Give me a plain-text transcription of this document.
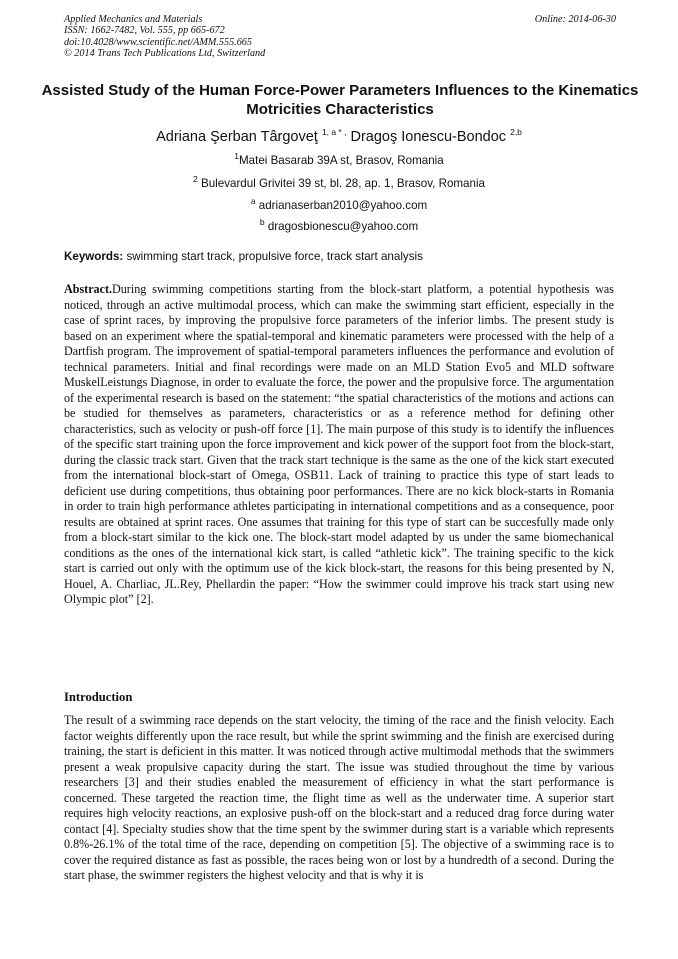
Applied Mechanics and Materials
ISSN: 1662-7482, Vol. 555, pp 665-672
doi:10.4028/www.scientific.net/AMM.555.665
© 2014 Trans Tech Publications Ltd, Switzerland
Online: 2014-06-30
Assisted Study of the Human Force-Power Parameters Influences to the Kinematics Motricities Characteristics
Adriana Şerban Târgoveţ $^{1, a * ,}$ Dragoş Ionescu-Bondoc $^{2,b}$
$^1$Matei Basarab 39A st, Brasov, Romania
$^2$ Bulevardul Grivitei 39 st, bl. 28, ap. 1, Brasov, Romania
$^a$ adrianaserban2010@yahoo.com
$^b$ dragosbionescu@yahoo.com
Keywords: swimming start track, propulsive force, track start analysis
Abstract.During swimming competitions starting from the block-start platform, a potential hypothesis was noticed, through an active multimodal process, which can make the swimming start efficient, especially in the case of sprint races, by improving the propulsive force parameters of the inferior limbs. The present study is based on an experiment where the spatial-temporal and kinematic parameters were processed with the help of a Dartfish program. The improvement of spatial-temporal parameters influences the performance and evolution of technical parameters. Initial and final recordings were made on an MLD Station Evo5 and MLD software MuskelLeistungs Diagnose, in order to evaluate the force, the power and the propulsive force. The argumentation of the experimental research is based on the statement: “the spatial characteristics of the motions and actions can be studied for themselves as parameters, characteristics or as a reference method for defining other characteristics, such as velocity or push-off force [1]. The main purpose of this study is to identify the influences of the specific start training upon the force improvement and kick power of the support foot from the block-start, during the classic track start. Given that the track start technique is the same as the one of the kick start executed from the international block-start of Omega, OSB11. Lack of training to practice this type of start leads to deficient use during competitions, thus obtaining poor performances. There are no kick block-starts in Romania in order to train high performance athletes participating in international competitions and as a consequence, poor results are obtained at sprint races. One assumes that training for this type of start can be succesfully made only from a block-start similar to the kick one. The block-start model adapted by us under the same biomechanical conditions as the ones of the international kick start, is called “athletic kick”. The training specific to the kick start is carried out only with the optimum use of the kick block-start, the reasons for this being presented by N, Houel, A. Charliac, JL.Rey, Phellardin the paper: “How the swimmer could improve his track start using new Olympic plot” [2].
Introduction
The result of a swimming race depends on the start velocity, the timing of the race and the finish velocity. Each factor weights differently upon the race result, but while the sprint swimming and the finish are exercised during training, the start is deficient in this matter. It was noticed through active multimodal methods that the swimmers present a weak propulsive capacity during the start. The issue was studied throughout the time by various researchers [3] and their studies enabled the measurement of efficiency in what the start performance is concerned. These targeted the reaction time, the flight time as well as the underwater time. A superior start requires high velocity reactions, an explosive push-off on the block-start and a reduced drag force during water contact [4]. Specialty studies show that the time spent by the swimmer during start is a variable which represents 0.8%-26.1% of the total time of the race, depending on competition [5]. The objective of a swimming race is to cover the required distance as fast as possible, the races being won or lost by a hundredth of a second. During the start phase, the swimmer registers the highest velocity and that is why it is
